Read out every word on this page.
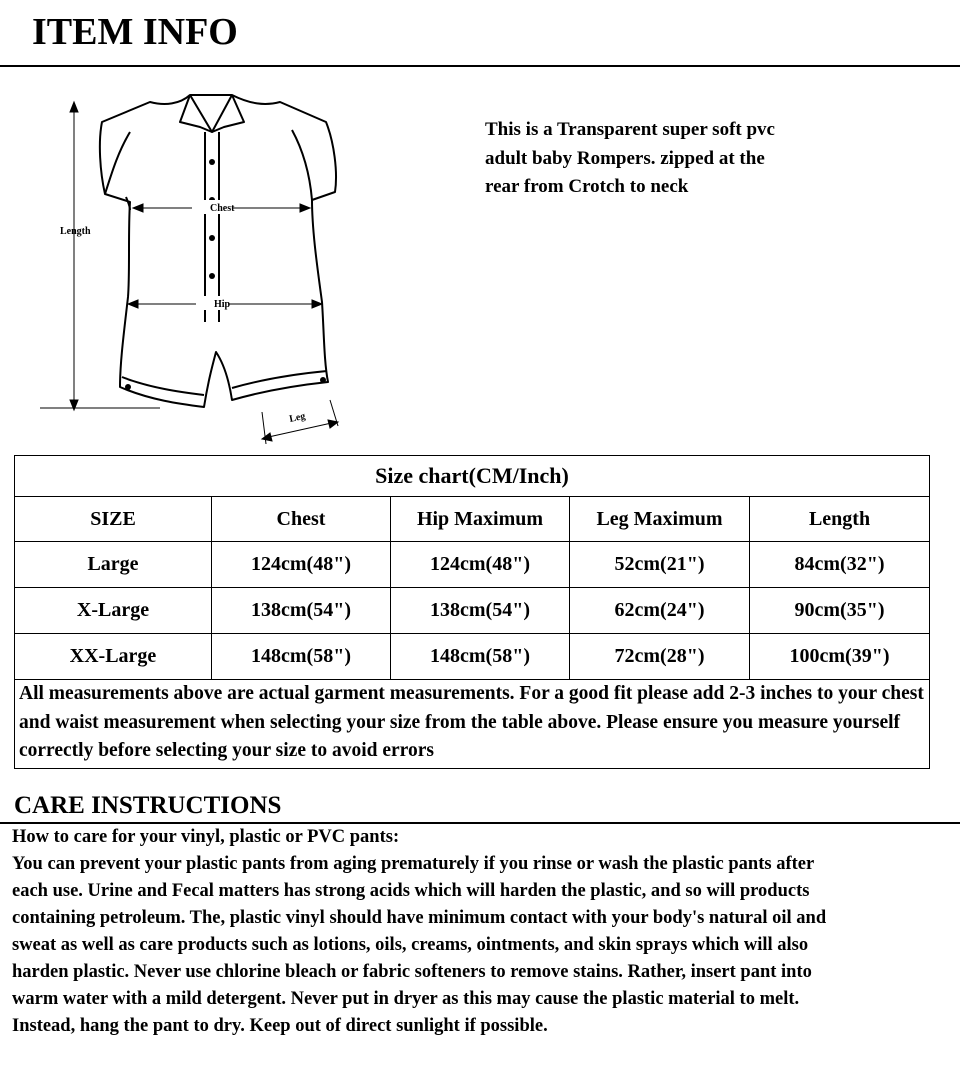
ITEM INFO
Length
Chest
Hip
Leg
This is a Transparent super soft pvc
adult baby Rompers. zipped at the
rear from Crotch to neck
Size chart(CM/Inch)				
SIZE	Chest	Hip Maximum	Leg Maximum	Length
Large	124cm(48")	124cm(48")	52cm(21")	84cm(32")
X-Large	138cm(54")	138cm(54")	62cm(24")	90cm(35")
XX-Large	148cm(58")	148cm(58")	72cm(28")	100cm(39")
All measurements above are actual garment measurements. For a good fit please add 2-3 inches to your chest and waist measurement when selecting your size from the table above. Please ensure you measure yourself correctly before selecting your size to avoid errors				
CARE INSTRUCTIONS
How to care for your vinyl, plastic or PVC pants:
You can prevent your plastic pants from aging prematurely if you rinse or wash the plastic pants after
each use. Urine and Fecal matters has strong acids which will harden the plastic, and so will products
containing petroleum. The, plastic vinyl should have minimum contact with your body's natural oil and
sweat as well as care products such as lotions, oils, creams, ointments, and skin sprays which will also
harden plastic. Never use chlorine bleach or fabric softeners to remove stains. Rather, insert pant into
warm water with a mild detergent. Never put in dryer as this may cause the plastic material to melt.
Instead, hang the pant to dry. Keep out of direct sunlight if possible.
